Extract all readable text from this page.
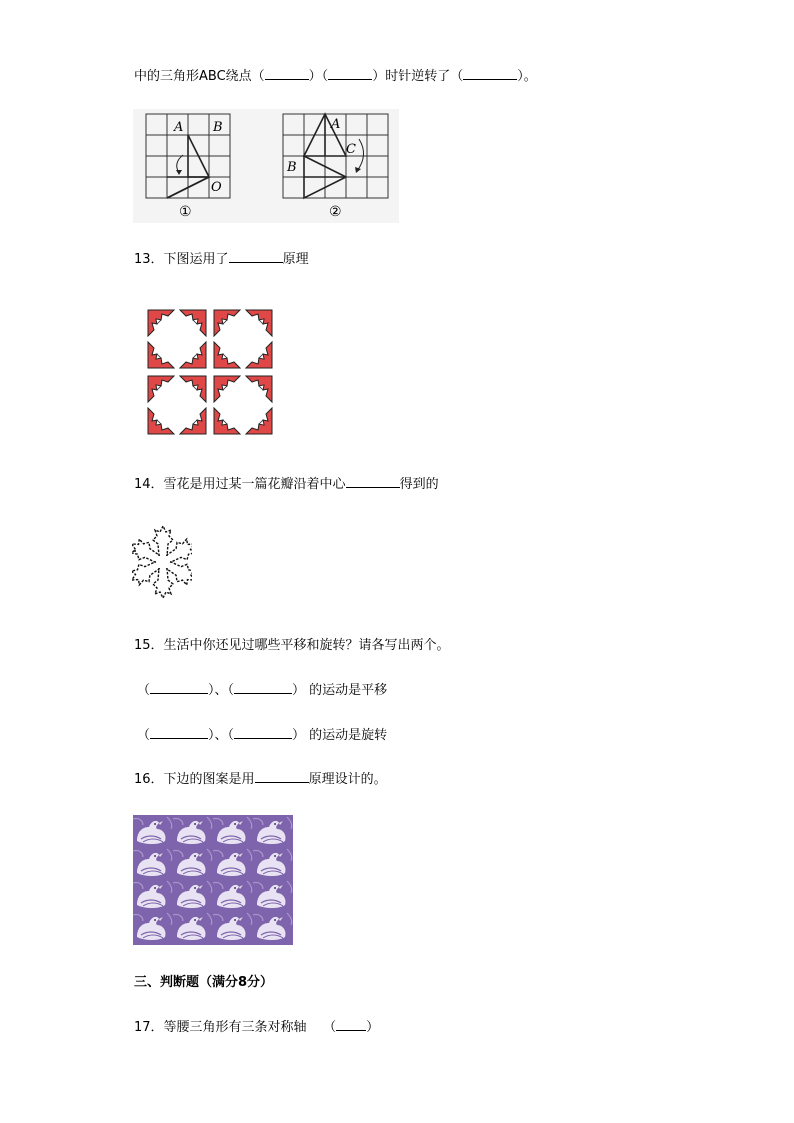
中的三角形ABC绕点（	）（	）时针逆转了（	）。
A B
O
①
A
B
C
②
13．下图运用了	原理
14．雪花是用过某一篇花瓣沿着中心	得到的
15．生活中你还见过哪些平移和旋转？请各写出两个。
（	）、（	） 的运动是平移
（	）、（	） 的运动是旋转
16．下边的图案是用	原理设计的。
三、判断题（满分8分）
17．等腰三角形有三条对称轴 （ ）
